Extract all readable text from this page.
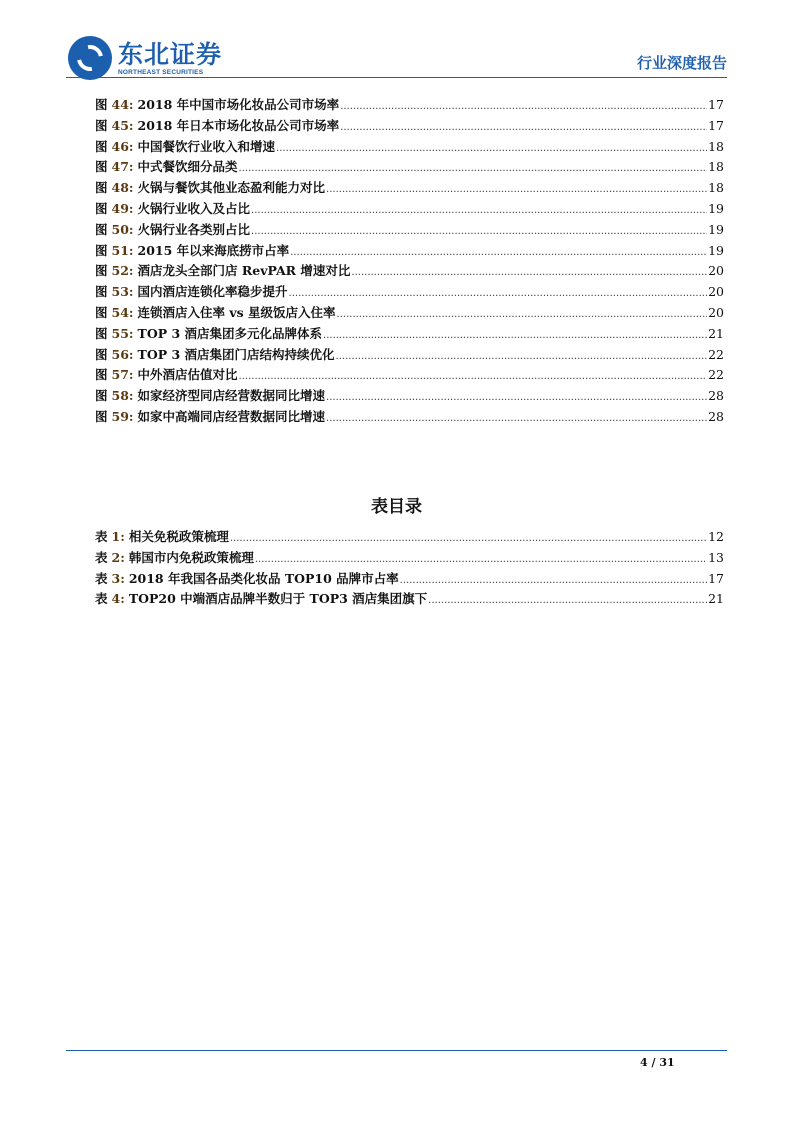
东北证券
NORTHEAST SECURITIES	行业深度报告
图 44: 2018 年中国市场化妆品公司市场率 .....	17
图 45: 2018 年日本市场化妆品公司市场率 .....	17
图 46: 中国餐饮行业收入和增速 .....	18
图 47: 中式餐饮细分品类 .....	18
图 48: 火锅与餐饮其他业态盈利能力对比 .....	18
图 49: 火锅行业收入及占比 .....	19
图 50: 火锅行业各类别占比 .....	19
图 51: 2015 年以来海底捞市占率 .....	19
图 52: 酒店龙头全部门店 RevPAR 增速对比 .....	20
图 53: 国内酒店连锁化率稳步提升 .....	20
图 54: 连锁酒店入住率 vs 星级饭店入住率 .....	20
图 55: TOP 3 酒店集团多元化品牌体系 .....	21
图 56: TOP 3 酒店集团门店结构持续优化 .....	22
图 57: 中外酒店估值对比 .....	22
图 58: 如家经济型同店经营数据同比增速 .....	28
图 59: 如家中高端同店经营数据同比增速 .....	28
表目录
表 1: 相关免税政策梳理 .....	12
表 2: 韩国市内免税政策梳理 .....	13
表 3: 2018 年我国各品类化妆品 TOP10 品牌市占率 .....	17
表 4: TOP20 中端酒店品牌半数归于 TOP3 酒店集团旗下 .....	21
4 / 31
